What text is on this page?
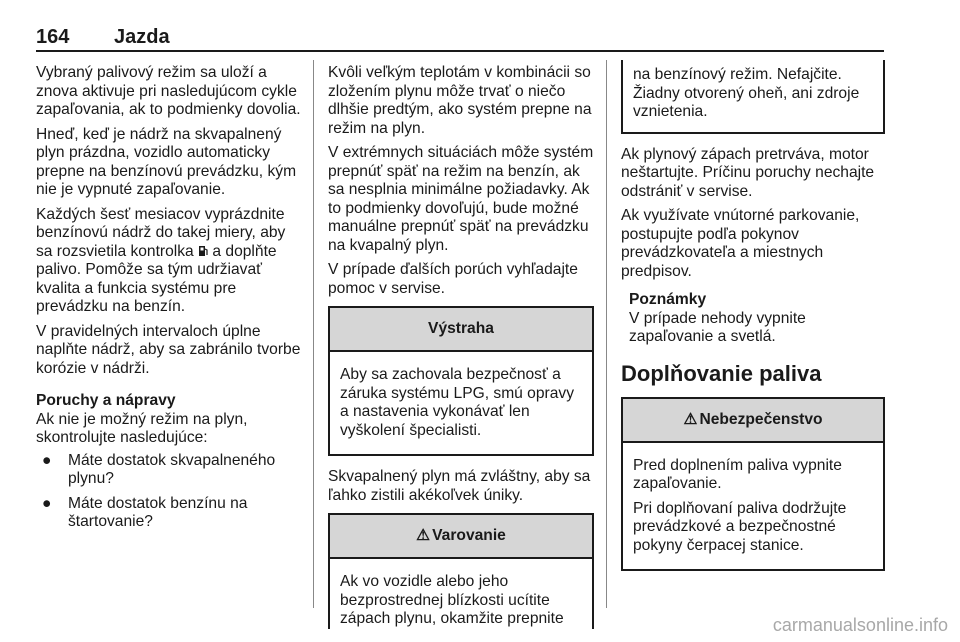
164 Jazda

Vybraný palivový režim sa uloží a znova aktivuje pri nasledujúcom cykle zapaľovania, ak to podmienky dovolia.

Hneď, keď je nádrž na skvapalnený plyn prázdna, vozidlo automaticky prepne na benzínovú prevádzku, kým nie je vypnuté zapaľovanie.

Každých šesť mesiacov vyprázdnite benzínovú nádrž do takej miery, aby sa rozsvietila kontrolka  a doplňte palivo. Pomôže sa tým udržiavať kvalita a funkcia systému pre prevádzku na benzín.

V pravidelných intervaloch úplne naplňte nádrž, aby sa zabránilo tvorbe korózie v nádrži.

Poruchy a nápravy

Ak nie je možný režim na plyn, skontrolujte nasledujúce:

● Máte dostatok skvapalneného plynu?
● Máte dostatok benzínu na štartovanie?

Kvôli veľkým teplotám v kombinácii so zložením plynu môže trvať o niečo dlhšie predtým, ako systém prepne na režim na plyn.

V extrémnych situáciách môže systém prepnúť späť na režim na benzín, ak sa nesplnia minimálne požiadavky. Ak to podmienky dovoľujú, bude možné manuálne prepnúť späť na prevádzku na kvapalný plyn.

V prípade ďalších porúch vyhľadajte pomoc v servise.

Výstraha

Aby sa zachovala bezpečnosť a záruka systému LPG, smú opravy a nastavenia vykonávať len vyškolení špecialisti.

Skvapalnený plyn má zvláštny, aby sa ľahko zistili akékoľvek úniky.

⚠ Varovanie

Ak vo vozidle alebo jeho bezprostrednej blízkosti ucítite zápach plynu, okamžite prepnite

na benzínový režim. Nefajčite. Žiadny otvorený oheň, ani zdroje vznietenia.

Ak plynový zápach pretrváva, motor neštartujte. Príčinu poruchy nechajte odstrániť v servise.

Ak využívate vnútorné parkovanie, postupujte podľa pokynov prevádzkovateľa a miestnych predpisov.

Poznámky
V prípade nehody vypnite zapaľovanie a svetlá.
Doplňovanie paliva
⚠ Nebezpečenstvo

Pred doplnením paliva vypnite zapaľovanie.

Pri doplňovaní paliva dodržujte prevádzkové a bezpečnostné pokyny čerpacej stanice.

carmanualsonline.info
